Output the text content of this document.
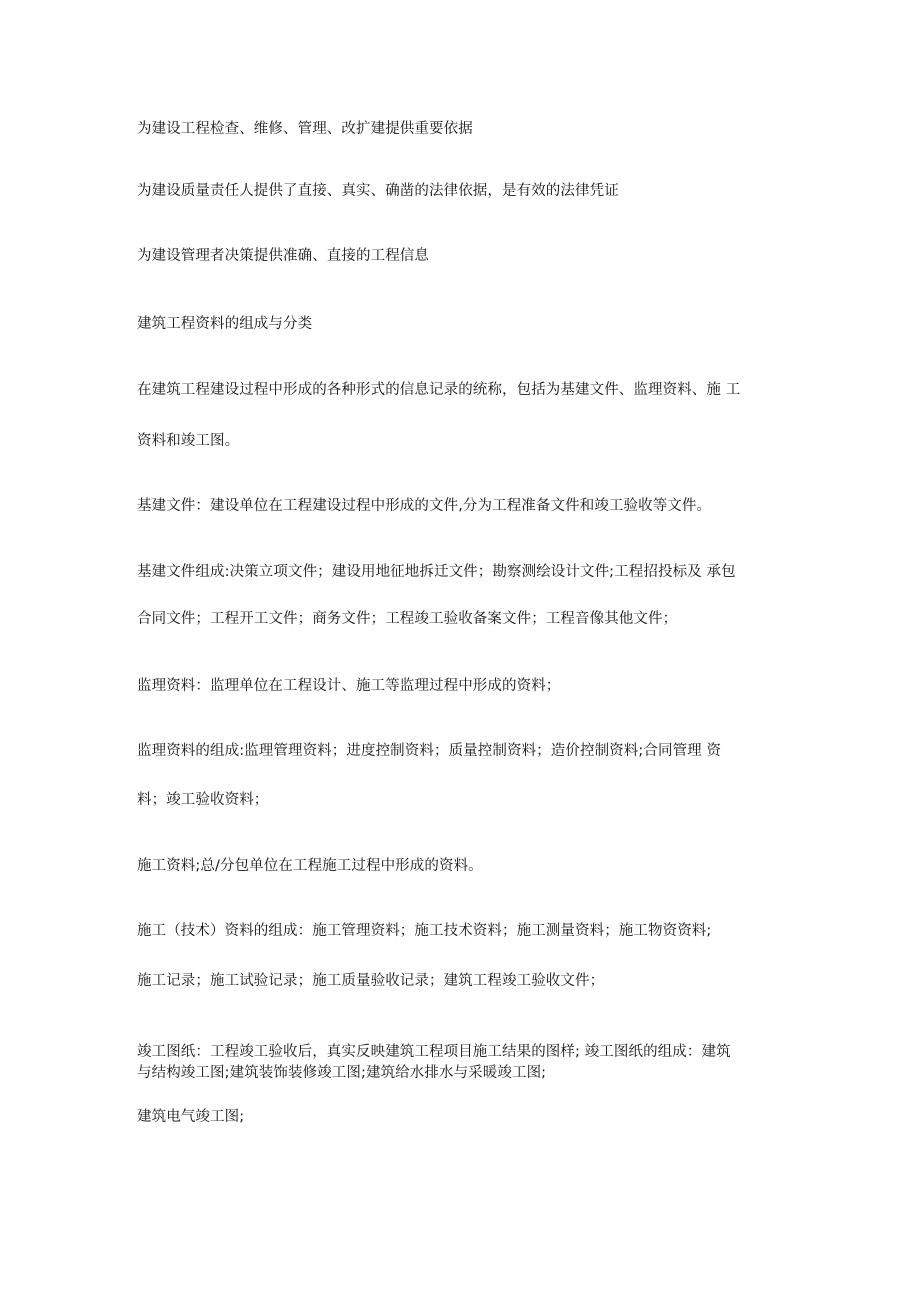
为建设工程检查、维修、管理、改扩建提供重要依据
为建设质量责任人提供了直接、真实、确凿的法律依据，是有效的法律凭证
为建设管理者决策提供准确、直接的工程信息
建筑工程资料的组成与分类
在建筑工程建设过程中形成的各种形式的信息记录的统称，包括为基建文件、监理资料、施 工
资料和竣工图。
基建文件：建设单位在工程建设过程中形成的文件,分为工程准备文件和竣工验收等文件。
基建文件组成:决策立项文件；建设用地征地拆迁文件；勘察测绘设计文件;工程招投标及 承包
合同文件；工程开工文件；商务文件；工程竣工验收备案文件；工程音像其他文件；
监理资料：监理单位在工程设计、施工等监理过程中形成的资料；
监理资料的组成:监理管理资料；进度控制资料；质量控制资料；造价控制资料;合同管理 资
料；竣工验收资料；
施工资料;总/分包单位在工程施工过程中形成的资料。
施工（技术）资料的组成：施工管理资料；施工技术资料；施工测量资料；施工物资资料;
施工记录；施工试验记录；施工质量验收记录；建筑工程竣工验收文件；
竣工图纸：工程竣工验收后，真实反映建筑工程项目施工结果的图样; 竣工图纸的组成：建筑
与结构竣工图;建筑装饰装修竣工图;建筑给水排水与采暖竣工图;
建筑电气竣工图;
